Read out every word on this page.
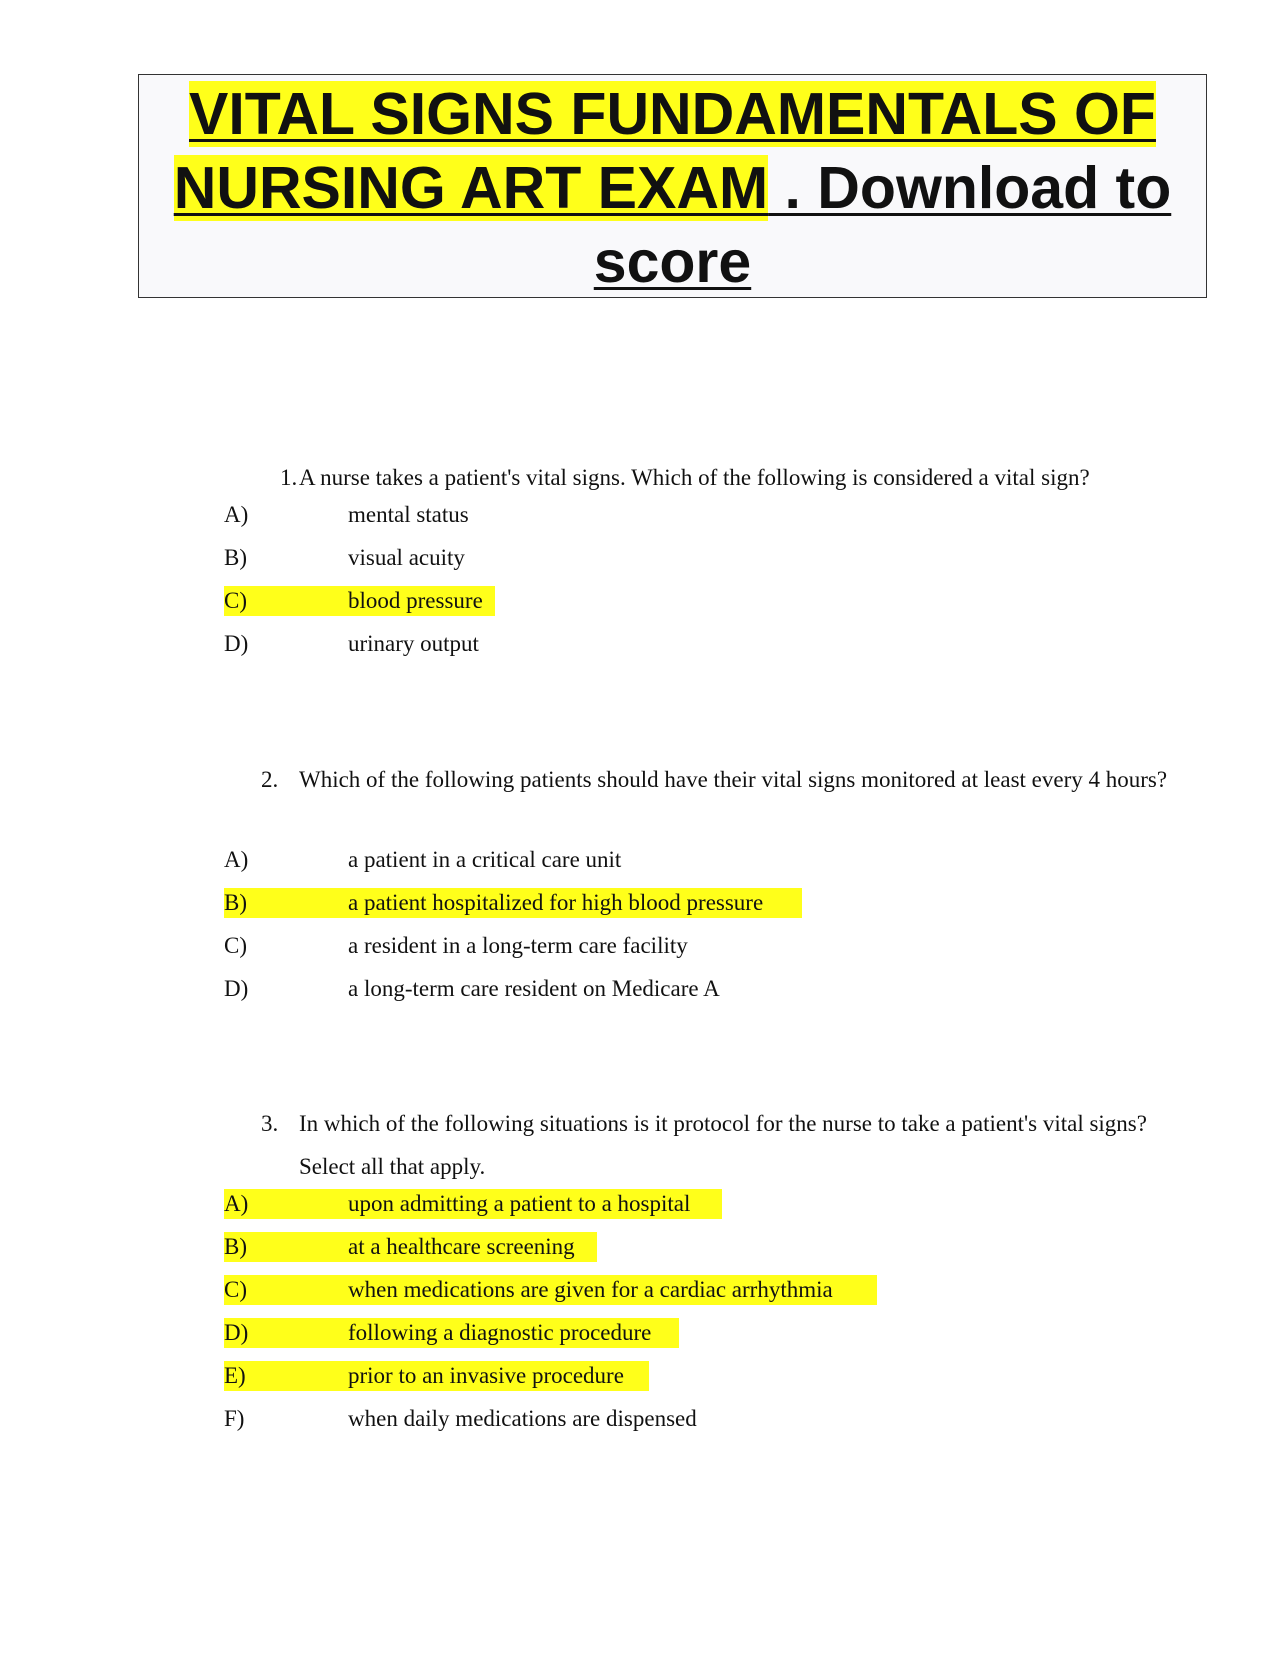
VITAL SIGNS FUNDAMENTALS OF
NURSING ART EXAM . Download to
score
1.A nurse takes a patient's vital signs. Which of the following is considered a vital sign?
A)	mental status
B)	visual acuity
C)	blood pressure
D)	urinary output
2. Which of the following patients should have their vital signs monitored at least every 4 hours?
A)	a patient in a critical care unit
B)	a patient hospitalized for high blood pressure
C)	a resident in a long-term care facility
D)	a long-term care resident on Medicare A
3. In which of the following situations is it protocol for the nurse to take a patient's vital signs? Select all that apply.
A)	upon admitting a patient to a hospital
B)	at a healthcare screening
C)	when medications are given for a cardiac arrhythmia
D)	following a diagnostic procedure
E)	prior to an invasive procedure
F)	when daily medications are dispensed
